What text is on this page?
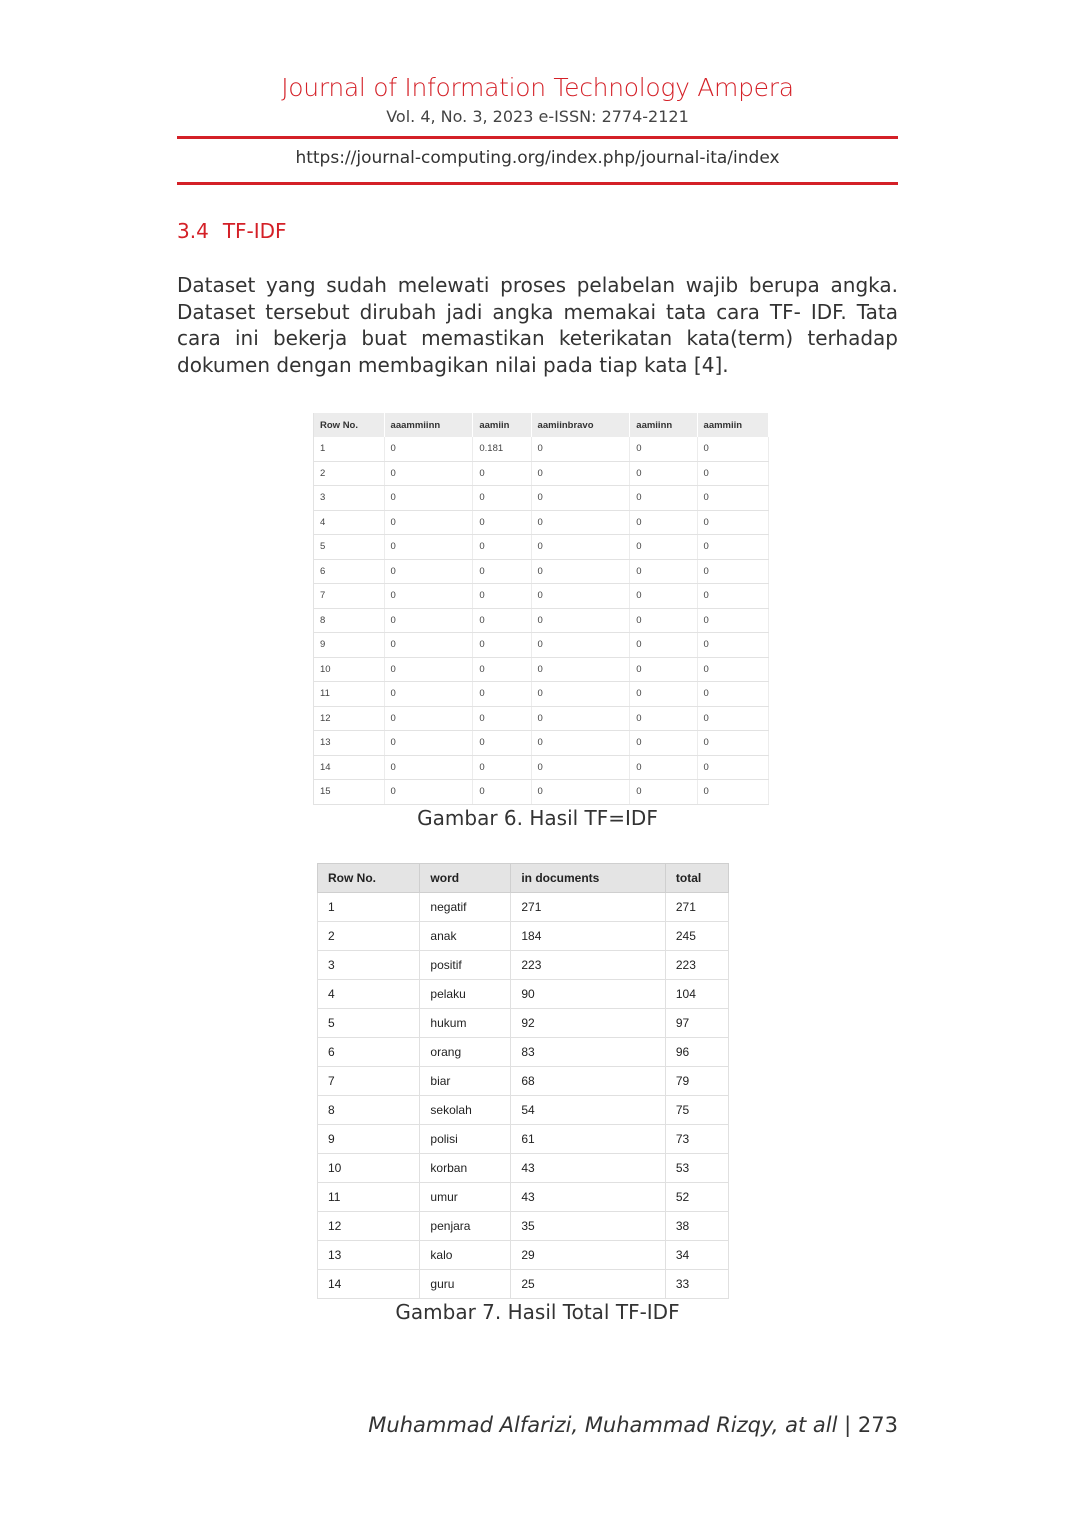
Journal of Information Technology Ampera
Vol. 4, No. 3, 2023 e-ISSN: 2774-2121
https://journal-computing.org/index.php/journal-ita/index
3.4 TF-IDF
Dataset yang sudah melewati proses pelabelan wajib berupa angka. Dataset tersebut dirubah jadi angka memakai tata cara TF- IDF. Tata cara ini bekerja buat memastikan keterikatan kata(term) terhadap dokumen dengan membagikan nilai pada tiap kata [4].
Row No.	aaammiinn	aamiin	aamiinbravo	aamiinn	aammiin
1	0	0.181	0	0	0
2	0	0	0	0	0
3	0	0	0	0	0
4	0	0	0	0	0
5	0	0	0	0	0
6	0	0	0	0	0
7	0	0	0	0	0
8	0	0	0	0	0
9	0	0	0	0	0
10	0	0	0	0	0
11	0	0	0	0	0
12	0	0	0	0	0
13	0	0	0	0	0
14	0	0	0	0	0
15	0	0	0	0	0
Gambar 6. Hasil TF=IDF
Row No.	word	in documents	total
1	negatif	271	271
2	anak	184	245
3	positif	223	223
4	pelaku	90	104
5	hukum	92	97
6	orang	83	96
7	biar	68	79
8	sekolah	54	75
9	polisi	61	73
10	korban	43	53
11	umur	43	52
12	penjara	35	38
13	kalo	29	34
14	guru	25	33
Gambar 7. Hasil Total TF-IDF
Muhammad Alfarizi, Muhammad Rizqy, at all | 273
